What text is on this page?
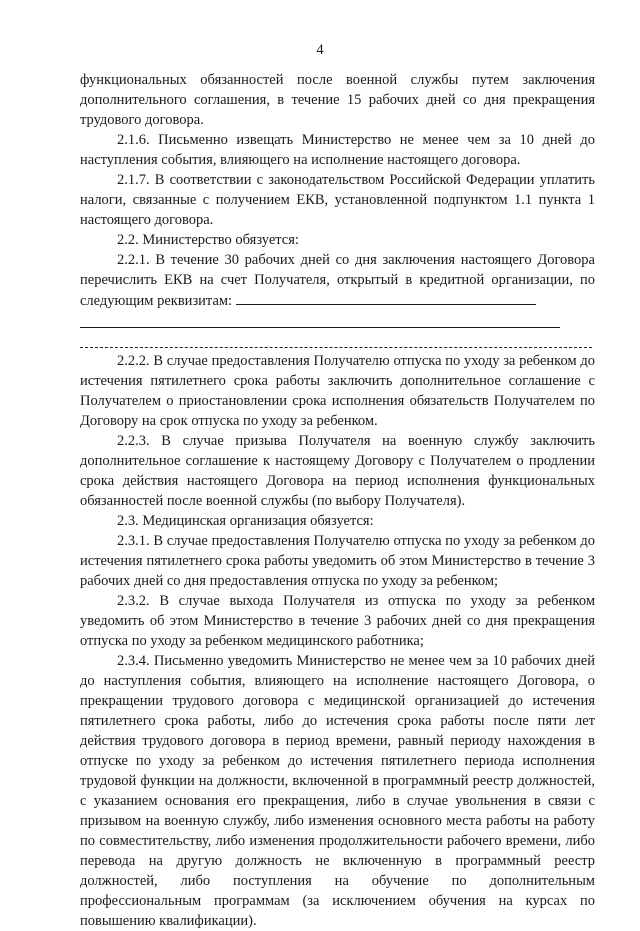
4

функциональных обязанностей после военной службы путем заключения дополнительного соглашения, в течение 15 рабочих дней со дня прекращения трудового договора.

2.1.6. Письменно извещать Министерство не менее чем за 10 дней до наступления события, влияющего на исполнение настоящего договора.

2.1.7. В соответствии с законодательством Российской Федерации уплатить налоги, связанные с получением ЕКВ, установленной подпунктом 1.1 пункта 1 настоящего договора.

2.2. Министерство обязуется:

2.2.1. В течение 30 рабочих дней со дня заключения настоящего Договора перечислить ЕКВ на счет Получателя, открытый в кредитной организации, по следующим реквизитам:

2.2.2. В случае предоставления Получателю отпуска по уходу за ребенком до истечения пятилетнего срока работы заключить дополнительное соглашение с Получателем о приостановлении срока исполнения обязательств Получателем по Договору на срок отпуска по уходу за ребенком.

2.2.3. В случае призыва Получателя на военную службу заключить дополнительное соглашение к настоящему Договору с Получателем о продлении срока действия настоящего Договора на период исполнения функциональных обязанностей после военной службы (по выбору Получателя).

2.3. Медицинская организация обязуется:

2.3.1. В случае предоставления Получателю отпуска по уходу за ребенком до истечения пятилетнего срока работы уведомить об этом Министерство в течение 3 рабочих дней со дня предоставления отпуска по уходу за ребенком;

2.3.2. В случае выхода Получателя из отпуска по уходу за ребенком уведомить об этом Министерство в течение 3 рабочих дней со дня прекращения отпуска по уходу за ребенком медицинского работника;

2.3.4. Письменно уведомить Министерство не менее чем за 10 рабочих дней до наступления события, влияющего на исполнение настоящего Договора, о прекращении трудового договора с медицинской организацией до истечения пятилетнего срока работы, либо до истечения срока работы после пяти лет действия трудового договора в период времени, равный периоду нахождения в отпуске по уходу за ребенком до истечения пятилетнего периода исполнения трудовой функции на должности, включенной в программный реестр должностей, с указанием основания его прекращения, либо в случае увольнения в связи с призывом на военную службу, либо изменения основного места работы на работу по совместительству, либо изменения продолжительности рабочего времени, либо перевода на другую должность не включенную в программный реестр должностей, либо поступления на обучение по дополнительным профессиональным программам (за исключением обучения на курсах по повышению квалификации).
